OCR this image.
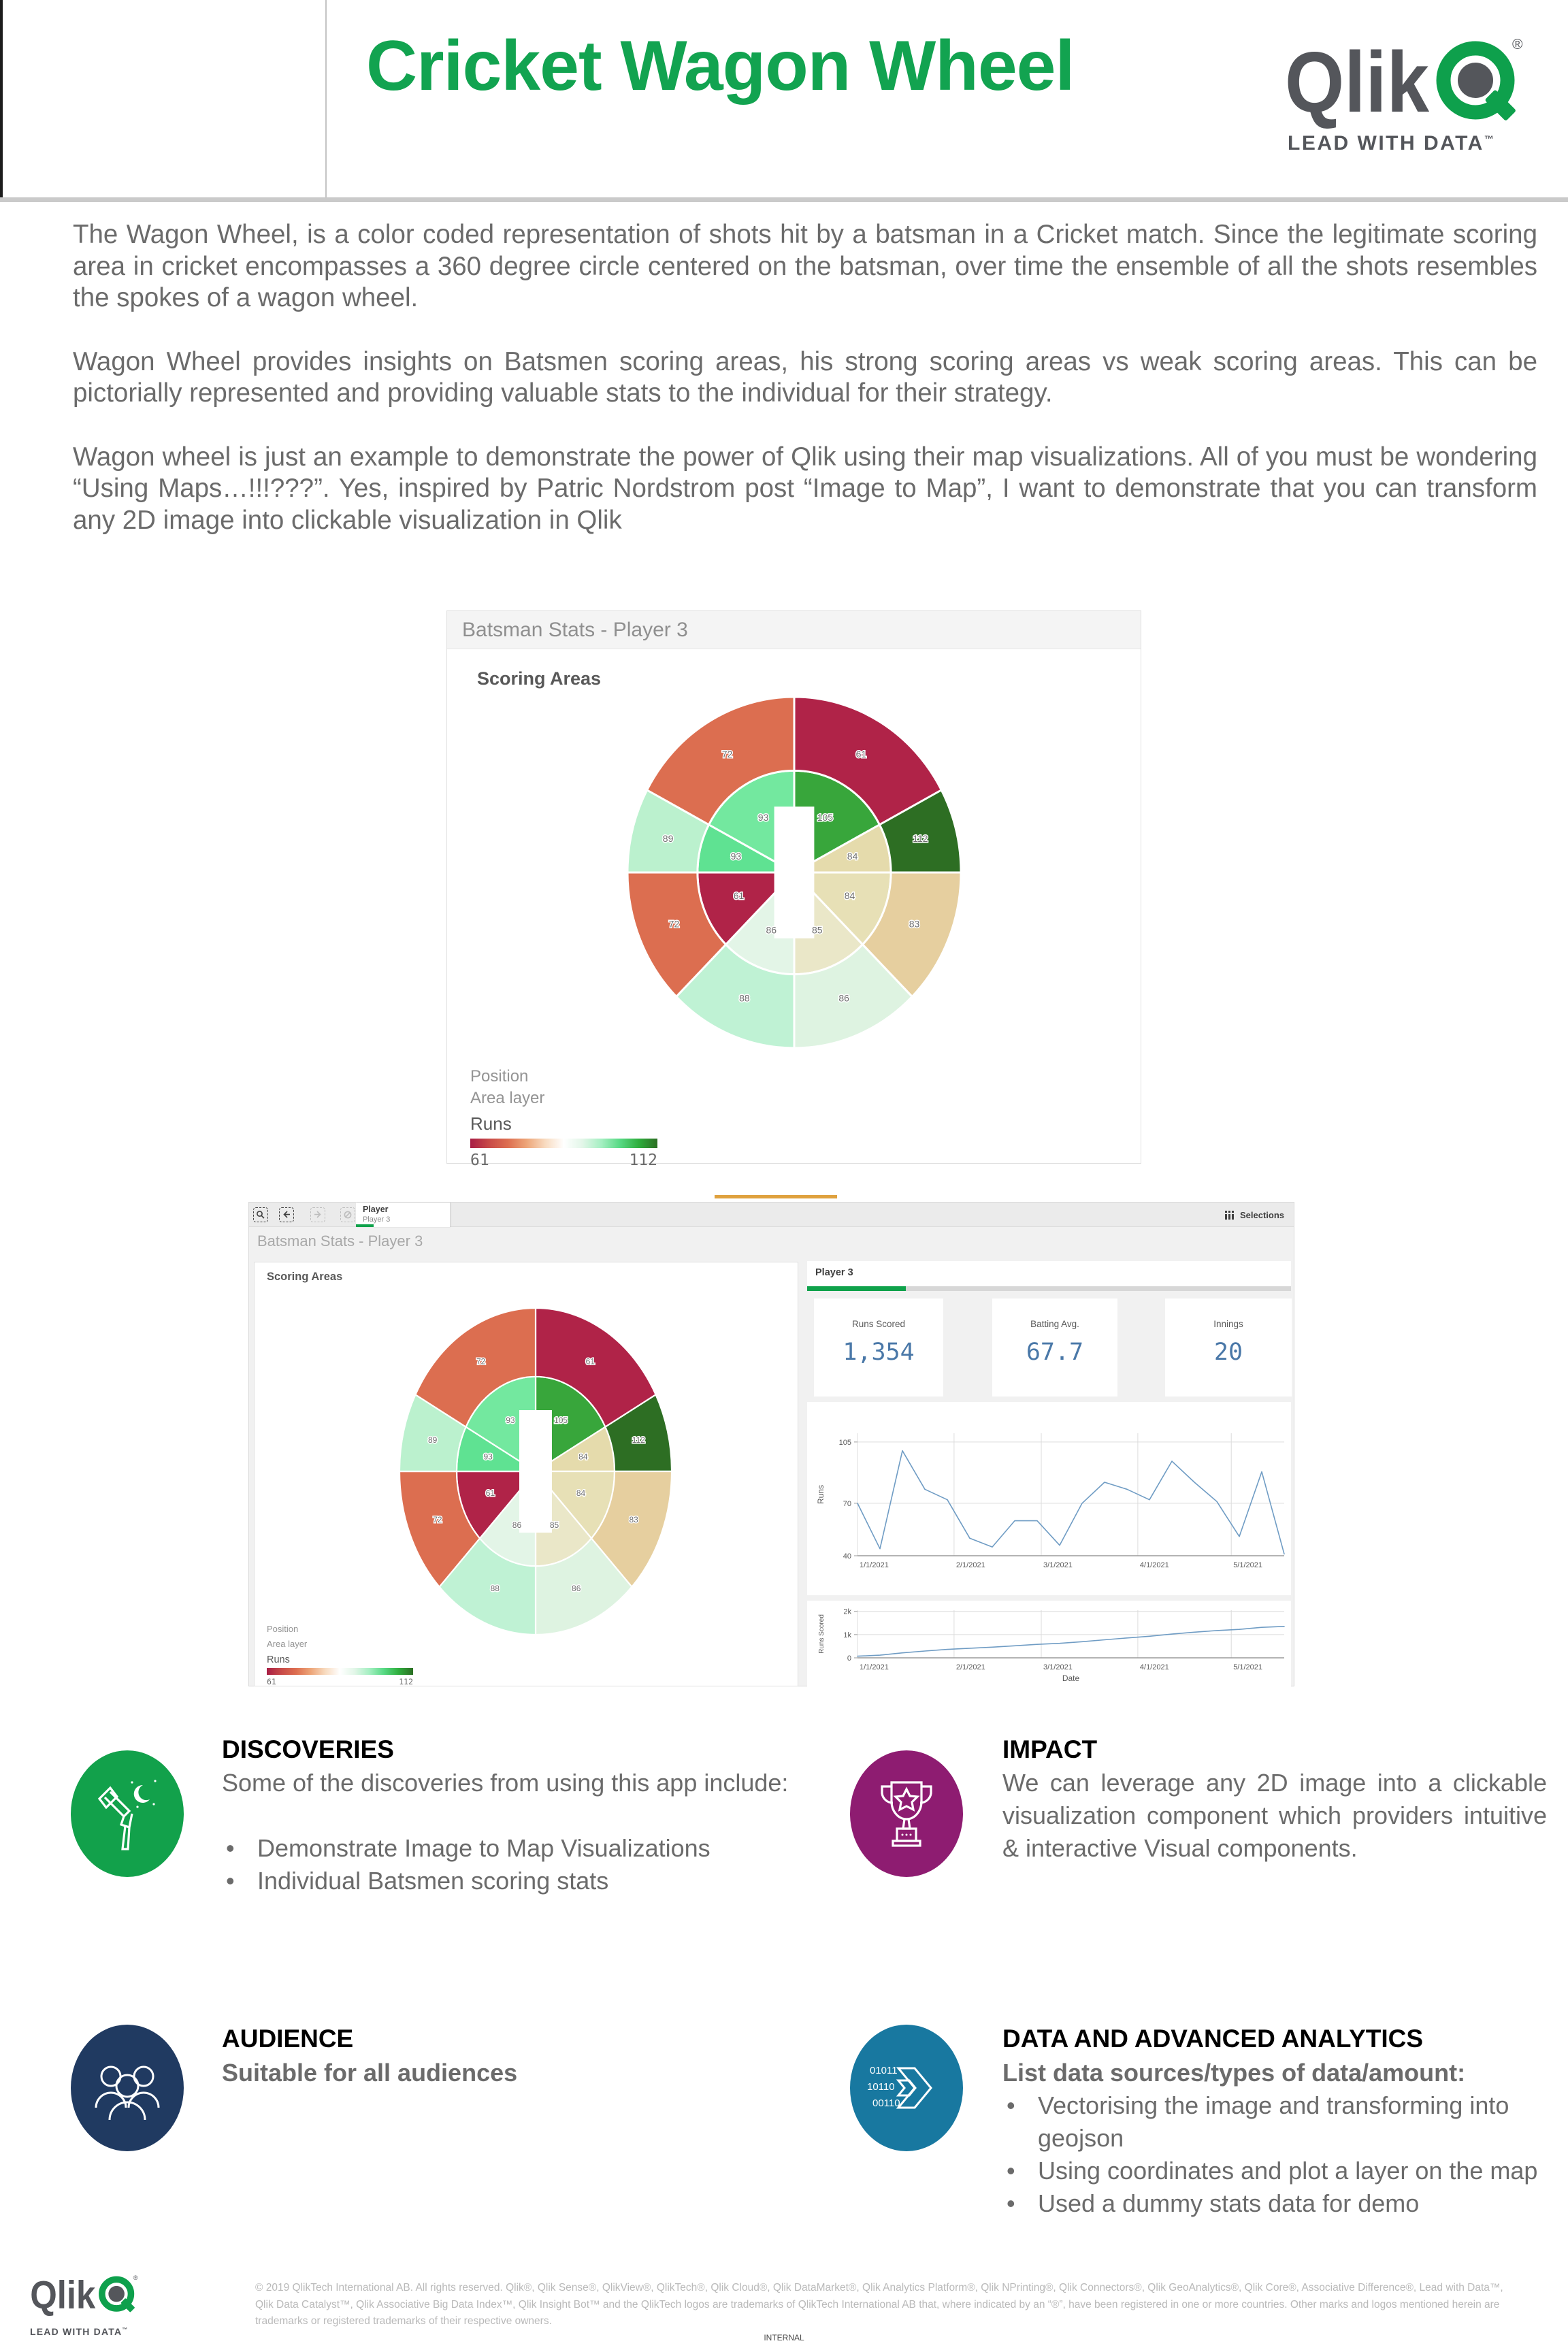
Cricket Wagon Wheel Qlik	®
LEAD WITH DATA™

The Wagon Wheel, is a color coded representation of shots hit by a batsman in a Cricket match. Since the legitimate scoring area in cricket encompasses a 360 degree circle centered on the batsman, over time the ensemble of all the shots resembles the spokes of a wagon wheel.

Wagon Wheel provides insights on Batsmen scoring areas, his strong scoring areas vs weak scoring areas. This can be pictorially represented and providing valuable stats to the individual for their strategy.

Wagon wheel is just an example to demonstrate the power of Qlik using their map visualizations. All of you must be wondering “Using Maps…!!!???”. Yes, inspired by Patric Nordstrom post “Image to Map”, I want to demonstrate that you can transform any 2D image into clickable visualization in Qlik

Batsman Stats - Player 3
Scoring Areas
105
84
84
85
86
61
93
93
61
112
83
86
88
72
89
72
Position
Area layer
Runs
61	112
Player
Player 3	Selections
Batsman Stats - Player 3
Scoring Areas
105
84
84
85
86
61
93
93
61
112
83
86
88
72
89
72
Position
Area layer
Runs
61	112
Player 3
Runs Scored
1,354
Batting Avg.
67.7
Innings
20
1/1/2021	2/1/2021	3/1/2021	4/1/2021	5/1/2021
40
70
105
Runs
1/1/2021	2/1/2021	3/1/2021	4/1/2021	5/1/2021
0
1k
2k
Runs Scored
Date
DISCOVERIES
Some of the discoveries from using this app include:
• Demonstrate Image to Map Visualizations
• Individual Batsmen scoring stats
IMPACT
We can leverage any 2D image into a clickable visualization component which providers intuitive & interactive Visual components.
AUDIENCE
Suitable for all audiences	01011
10110
00110
DATA AND ADVANCED ANALYTICS
List data sources/types of data/amount:
• Vectorising the image and transforming into geojson
• Using coordinates and plot a layer on the map
• Used a dummy stats data for demo
Qlik	®
LEAD WITH DATA™
© 2019 QlikTech International AB. All rights reserved. Qlik®, Qlik Sense®, QlikView®, QlikTech®, Qlik Cloud®, Qlik DataMarket®, Qlik Analytics Platform®, Qlik NPrinting®, Qlik Connectors®, Qlik GeoAnalytics®, Qlik Core®, Associative Difference®, Lead with Data™, Qlik Data Catalyst™, Qlik Associative Big Data Index™, Qlik Insight Bot™ and the QlikTech logos are trademarks of QlikTech International AB that, where indicated by an “®”, have been registered in one or more countries. Other marks and logos mentioned herein are trademarks or registered trademarks of their respective owners.
INTERNAL
